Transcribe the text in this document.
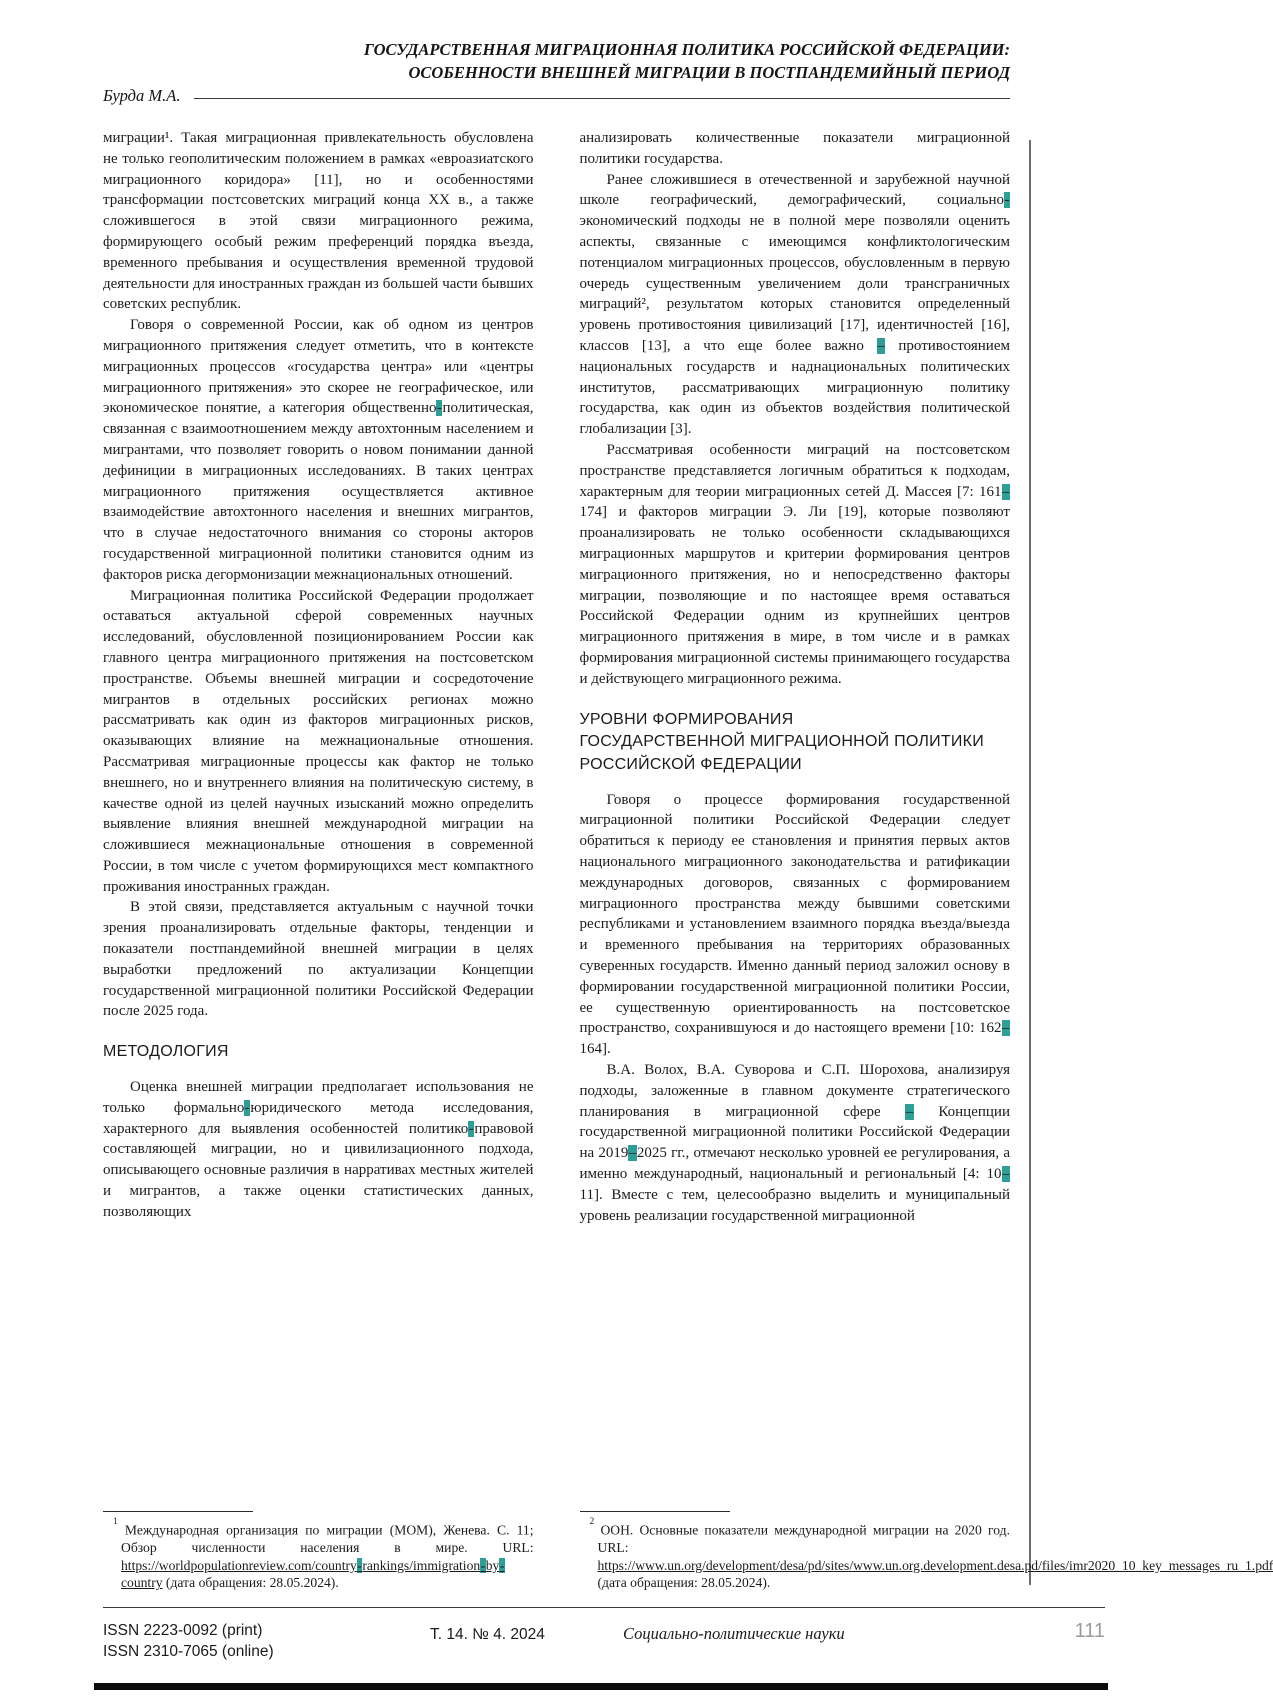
ГОСУДАРСТВЕННАЯ МИГРАЦИОННАЯ ПОЛИТИКА РОССИЙСКОЙ ФЕДЕРАЦИИ:
ОСОБЕННОСТИ ВНЕШНЕЙ МИГРАЦИИ В ПОСТПАНДЕМИЙНЫЙ ПЕРИОД
Бурда М.А.

миграции¹. Такая миграционная привлекательность обусловлена не только геополитическим положением в рамках «евроазиатского миграционного коридора» [11], но и особенностями трансформации постсоветских миграций конца XX в., а также сложившегося в этой связи миграционного режима, формирующего особый режим преференций порядка въезда, временного пребывания и осуществления временной трудовой деятельности для иностранных граждан из большей части бывших советских республик.

Говоря о современной России, как об одном из центров миграционного притяжения следует отметить, что в контексте миграционных процессов «государства центра» или «центры миграционного притяжения» это скорее не географическое, или экономическое понятие, а категория общественно-политическая, связанная с взаимоотношением между автохтонным населением и мигрантами, что позволяет говорить о новом понимании данной дефиниции в миграционных исследованиях. В таких центрах миграционного притяжения осуществляется активное взаимодействие автохтонного населения и внешних мигрантов, что в случае недостаточного внимания со стороны акторов государственной миграционной политики становится одним из факторов риска дегормонизации межнациональных отношений.

Миграционная политика Российской Федерации продолжает оставаться актуальной сферой современных научных исследований, обусловленной позиционированием России как главного центра миграционного притяжения на постсоветском пространстве. Объемы внешней миграции и сосредоточение мигрантов в отдельных российских регионах можно рассматривать как один из факторов миграционных рисков, оказывающих влияние на межнациональные отношения. Рассматривая миграционные процессы как фактор не только внешнего, но и внутреннего влияния на политическую систему, в качестве одной из целей научных изысканий можно определить выявление влияния внешней международной миграции на сложившиеся межнациональные отношения в современной России, в том числе с учетом формирующихся мест компактного проживания иностранных граждан.

В этой связи, представляется актуальным с научной точки зрения проанализировать отдельные факторы, тенденции и показатели постпандемийной внешней миграции в целях выработки предложений по актуализации Концепции государственной миграционной политики Российской Федерации после 2025 года.

МЕТОДОЛОГИЯ

Оценка внешней миграции предполагает использования не только формально-юридического метода исследования, характерного для выявления особенностей политико-правовой составляющей миграции, но и цивилизационного подхода, описывающего основные различия в нарративах местных жителей и мигрантов, а также оценки статистических данных, позволяющих

$^1$ Международная организация по миграции (МОМ), Женева. С. 11; Обзор численности населения в мире. URL: https://worldpopulationreview.com/country-rankings/immigration-by-country (дата обращения: 28.05.2024).

анализировать количественные показатели миграционной политики государства.

Ранее сложившиеся в отечественной и зарубежной научной школе географический, демографический, социально-экономический подходы не в полной мере позволяли оценить аспекты, связанные с имеющимся конфликтологическим потенциалом миграционных процессов, обусловленным в первую очередь существенным увеличением доли трансграничных миграций², результатом которых становится определенный уровень противостояния цивилизаций [17], идентичностей [16], классов [13], а что еще более важно – противостоянием национальных государств и наднациональных политических институтов, рассматривающих миграционную политику государства, как один из объектов воздействия политической глобализации [3].

Рассматривая особенности миграций на постсоветском пространстве представляется логичным обратиться к подходам, характерным для теории миграционных сетей Д. Массея [7: 161–174] и факторов миграции Э. Ли [19], которые позволяют проанализировать не только особенности складывающихся миграционных маршрутов и критерии формирования центров миграционного притяжения, но и непосредственно факторы миграции, позволяющие и по настоящее время оставаться Российской Федерации одним из крупнейших центров миграционного притяжения в мире, в том числе и в рамках формирования миграционной системы принимающего государства и действующего миграционного режима.

УРОВНИ ФОРМИРОВАНИЯ
ГОСУДАРСТВЕННОЙ МИГРАЦИОННОЙ ПОЛИТИКИ
РОССИЙСКОЙ ФЕДЕРАЦИИ

Говоря о процессе формирования государственной миграционной политики Российской Федерации следует обратиться к периоду ее становления и принятия первых актов национального миграционного законодательства и ратификации международных договоров, связанных с формированием миграционного пространства между бывшими советскими республиками и установлением взаимного порядка въезда/выезда и временного пребывания на территориях образованных суверенных государств. Именно данный период заложил основу в формировании государственной миграционной политики России, ее существенную ориентированность на постсоветское пространство, сохранившуюся и до настоящего времени [10: 162–164].

В.А. Волох, В.А. Суворова и С.П. Шорохова, анализируя подходы, заложенные в главном документе стратегического планирования в миграционной сфере – Концепции государственной миграционной политики Российской Федерации на 2019–2025 гг., отмечают несколько уровней ее регулирования, а именно международный, национальный и региональный [4: 10–11]. Вместе с тем, целесообразно выделить и муниципальный уровень реализации государственной миграционной

$^2$ ООН. Основные показатели международной миграции на 2020 год. URL: https://www.un.org/development/desa/pd/sites/www.un.org.development.desa.pd/files/imr2020_10_key_messages_ru_1.pdf (дата обращения: 28.05.2024).

ISSN 2223-0092 (print)
ISSN 2310-7065 (online)
Т. 14. № 4. 2024	Социально-политические науки	111
